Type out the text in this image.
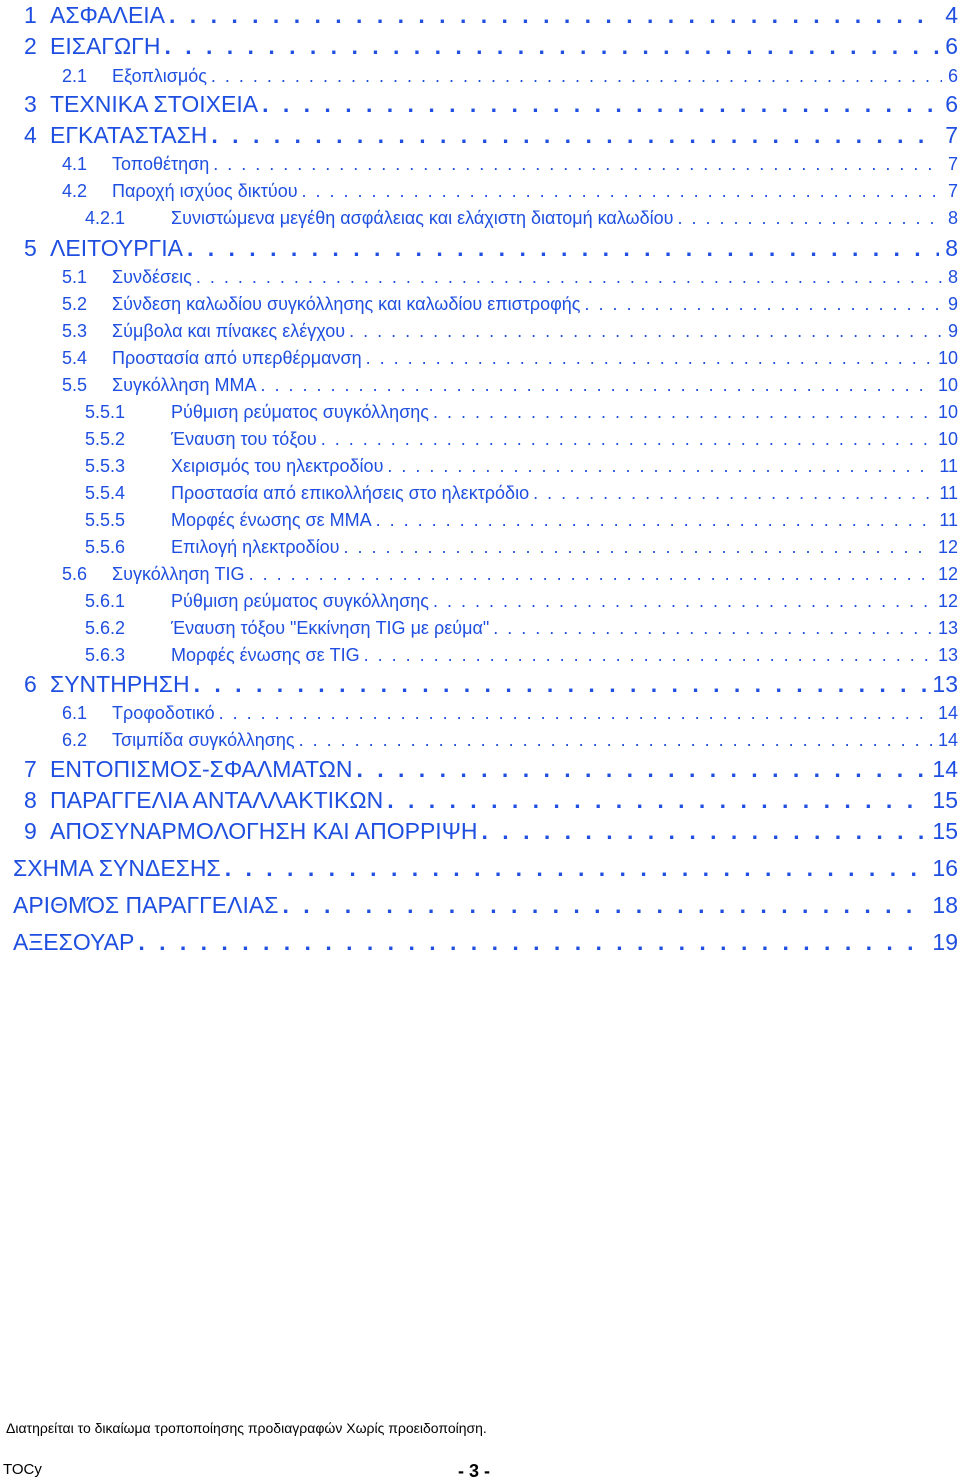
1 ΑΣΦΑΛΕΙΑ . . .	4
2 ΕΙΣΑΓΩΓΗ . . .	6
2.1	Εξοπλισμός . . .	6
3 ΤΕΧΝΙΚΑ ΣΤΟΙΧΕΙΑ . . .	6
4 ΕΓΚΑΤΑΣΤΑΣΗ . . .	7
4.1	Τοποθέτηση . . .	7
4.2	Παροχή ισχύος δικτύου . . .	7
4.2.1	Συνιστώμενα μεγέθη ασφάλειας και ελάχιστη διατομή καλωδίου . . .	8
5 ΛΕΙΤΟΥΡΓΙΑ . . .	8
5.1	Συνδέσεις . . .	8
5.2	Σύνδεση καλωδίου συγκόλλησης και καλωδίου επιστροφής . . .	9
5.3	Σύμβολα και πίνακες ελέγχου . . .	9
5.4	Προστασία από υπερθέρμανση . . .	10
5.5	Συγκόλληση MMA . . .	10
5.5.1	Ρύθμιση ρεύματος συγκόλλησης . . .	10
5.5.2	Έναυση του τόξου . . .	10
5.5.3	Χειρισμός του ηλεκτροδίου . . .	11
5.5.4	Προστασία από επικολλήσεις στο ηλεκτρόδιο . . .	11
5.5.5	Μορφές ένωσης σε MMA . . .	11
5.5.6	Επιλογή ηλεκτροδίου . . .	12
5.6	Συγκόλληση TIG . . .	12
5.6.1	Ρύθμιση ρεύματος συγκόλλησης . . .	12
5.6.2	Έναυση τόξου "Εκκίνηση TIG με ρεύμα" . . .	13
5.6.3	Μορφές ένωσης σε TIG . . .	13
6 ΣΥΝΤΗΡΗΣΗ . . .	13
6.1	Τροφοδοτικό . . .	14
6.2	Τσιμπίδα συγκόλλησης . . .	14
7 ΕΝΤΟΠΙΣΜΟΣ-ΣΦΑΛΜΑΤΩΝ . . .	14
8 ΠΑΡΑΓΓΕΛΙΑ ΑΝΤΑΛΛΑΚΤΙΚΩΝ . . .	15
9 ΑΠΟΣΥΝΑΡΜΟΛΟΓΗΣΗ ΚΑΙ ΑΠΟΡΡΙΨΗ . . .	15
ΣΧΗΜΑ ΣΥΝΔΕΣΗΣ . . .	16
ΑΡΙΘΜΌΣ ΠΑΡΑΓΓΕΛΙΑΣ . . .	18
ΑΞΕΣΟΥΑΡ . . .	19
Διατηρείται το δικαίωμα τροποποίησης προδιαγραφών Χωρίς προειδοποίηση.
TOCy	- 3 -
